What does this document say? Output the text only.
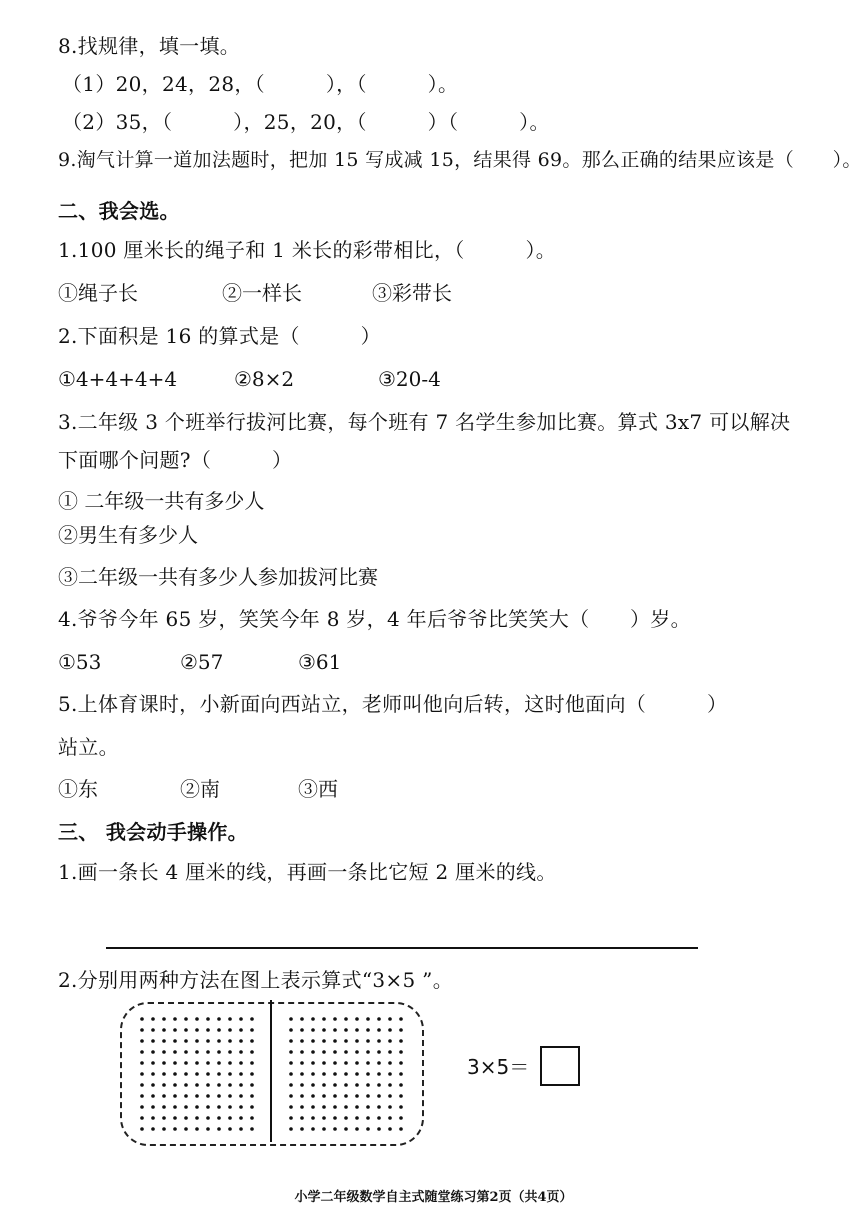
8.找规律，填一填。
（1）20，24，28，（　　　），（　　　）。
（2）35，（　　　），25，20，（　　　）（　　　）。
9.淘气计算一道加法题时，把加 15 写成减 15，结果得 69。那么正确的结果应该是（　　）。
二、我会选。
1.100 厘米长的绳子和 1 米长的彩带相比，（　　　）。
①绳子长	②一样长	③彩带长
2.下面积是 16 的算式是（　　　）
①4+4+4+4	②8×2	③20-4
3.二年级 3 个班举行拔河比赛，每个班有 7 名学生参加比赛。算式 3x7 可以解决
下面哪个问题?（　　　）
① 二年级一共有多少人
②男生有多少人
③二年级一共有多少人参加拔河比赛
4.爷爷今年 65 岁，笑笑今年 8 岁，4 年后爷爷比笑笑大（　　）岁。
①53	②57	③61
5.上体育课时，小新面向西站立，老师叫他向后转，这时他面向（　　　）
站立。
①东	②南	③西
三、 我会动手操作。
1.画一条长 4 厘米的线，再画一条比它短 2 厘米的线。
2.分别用两种方法在图上表示算式“3×5 ”。
3×5＝
小学二年级数学自主式随堂练习第2页（共4页）
